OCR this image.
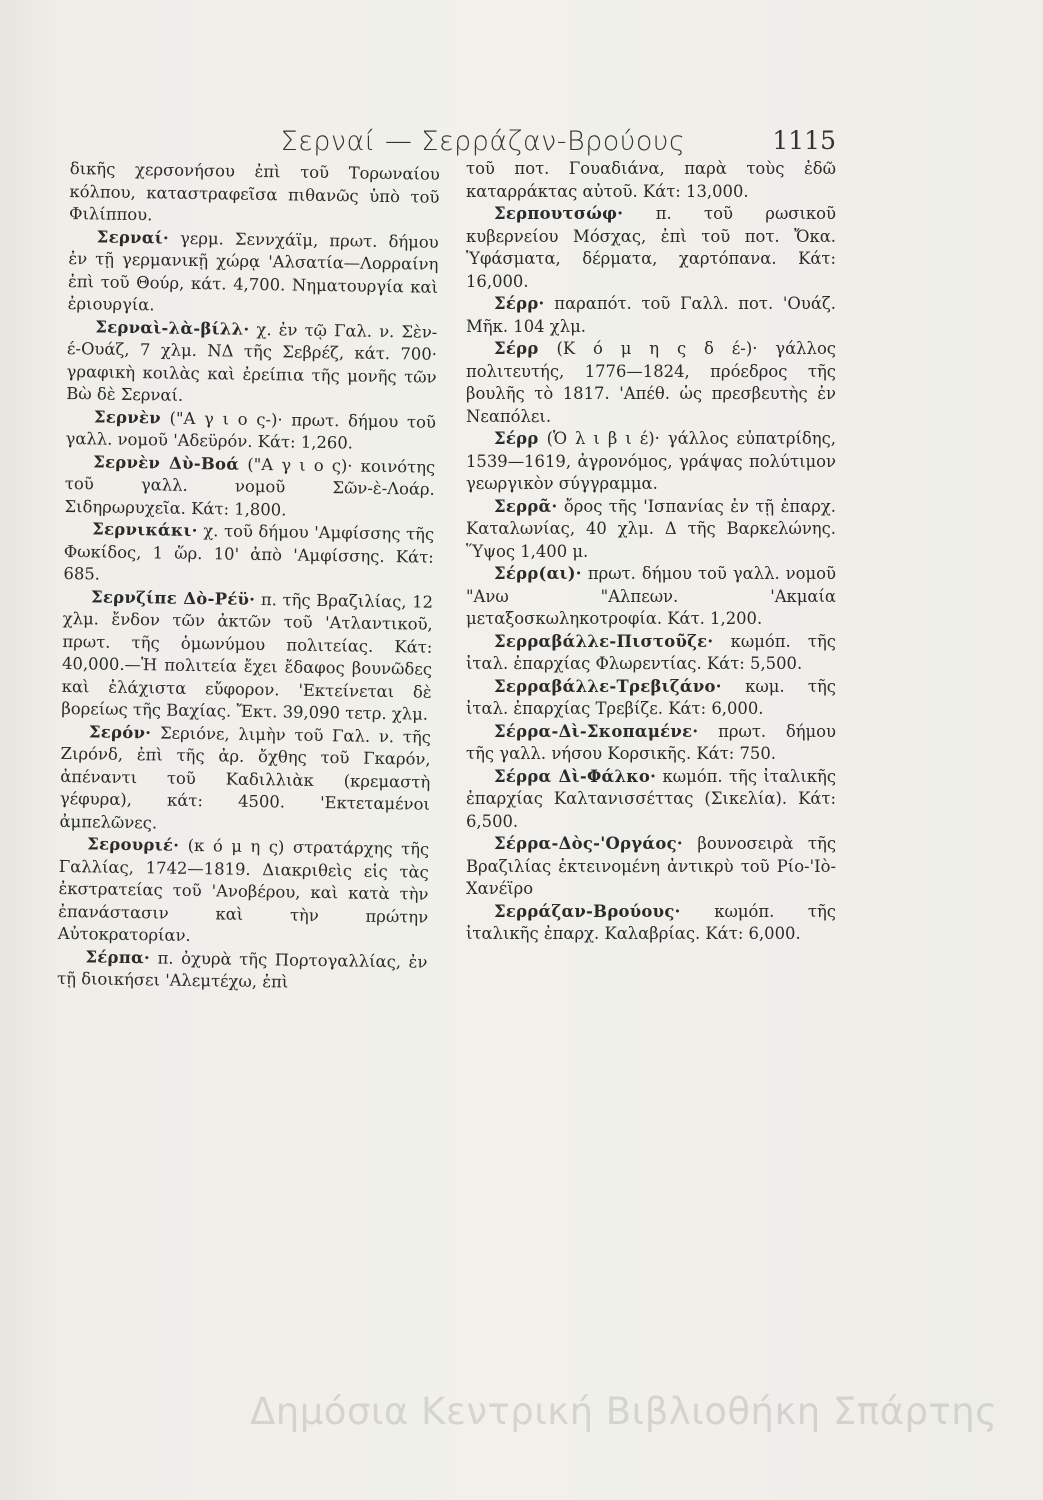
Σερναί — Σερράζαν-Βρούους	1115

δικῆς χερσονήσου ἐπὶ τοῦ Τορωναίου κόλπου, καταστραφεῖσα πιθανῶς ὑπὸ τοῦ Φιλίππου.

Σερναί· γερμ. Σεννχάϊμ, πρωτ. δήμου ἐν τῇ γερμανικῇ χώρᾳ 'Αλσατία—Λορραίνη ἐπὶ τοῦ Θούρ, κάτ. 4,700. Νηματουργία καὶ ἐριουργία.

Σερναὶ-λὰ-βίλλ· χ. ἐν τῷ Γαλ. ν. Σὲν-έ-Ουάζ, 7 χλμ. ΝΔ τῆς Σεβρέζ, κάτ. 700· γραφικὴ κοιλὰς καὶ ἐρείπια τῆς μονῆς τῶν Βὼ δὲ Σερναί.

Σερνὲν ("Α γ ι ο ς-)· πρωτ. δήμου τοῦ γαλλ. νομοῦ 'Αδεϋρόν. Κάτ: 1,260.

Σερνὲν Δὺ-Βοά ("Α γ ι ο ς)· κοινότης τοῦ γαλλ. νομοῦ Σῶν-ὲ-Λοάρ. Σιδηρωρυχεῖα. Κάτ: 1,800.

Σερνικάκι· χ. τοῦ δήμου 'Αμφίσσης τῆς Φωκίδος, 1 ὥρ. 10' ἀπὸ 'Αμφίσσης. Κάτ: 685.

Σερνζίπε Δὸ-Ρέϋ· π. τῆς Βραζιλίας, 12 χλμ. ἔνδον τῶν ἀκτῶν τοῦ 'Ατλαντικοῦ, πρωτ. τῆς ὁμωνύμου πολιτείας. Κάτ: 40,000.—Ἡ πολιτεία ἔχει ἔδαφος βουνῶδες καὶ ἐλάχιστα εὔφορον. 'Εκτείνεται δὲ βορείως τῆς Βαχίας. Ἔκτ. 39,090 τετρ. χλμ.

Σερόν· Σεριόνε, λιμὴν τοῦ Γαλ. ν. τῆς Ζιρόνδ, ἐπὶ τῆς ἀρ. ὄχθης τοῦ Γκαρόν, ἀπέναντι τοῦ Καδιλλιὰκ (κρεμαστὴ γέφυρα), κάτ: 4500. 'Εκτεταμένοι ἀμπελῶνες.

Σερουριέ· (κ ό μ η ς) στρατάρχης τῆς Γαλλίας, 1742—1819. Διακριθεὶς εἰς τὰς ἐκστρατείας τοῦ 'Ανοβέρου, καὶ κατὰ τὴν ἐπανάστασιν καὶ τὴν πρώτην Αὐτοκρατορίαν.

Σέρπα· π. ὀχυρὰ τῆς Πορτογαλλίας, ἐν τῇ διοικήσει 'Αλεμτέχω, ἐπὶ

τοῦ ποτ. Γουαδιάνα, παρὰ τοὺς ἐδῶ καταρράκτας αὐτοῦ. Κάτ: 13,000.

Σερπουτσώφ· π. τοῦ ρωσικοῦ κυβερνείου Μόσχας, ἐπὶ τοῦ ποτ. Ὄκα. Ὑφάσματα, δέρματα, χαρτόπανα. Κάτ: 16,000.

Σέρρ· παραπότ. τοῦ Γαλλ. ποτ. 'Ουάζ. Μῆκ. 104 χλμ.

Σέρρ (Κ ό μ η ς δ έ-)· γάλλος πολιτευτής, 1776—1824, πρόεδρος τῆς βουλῆς τὸ 1817. 'Απέθ. ὡς πρεσβευτὴς ἐν Νεαπόλει.

Σέρρ (Ὁ λ ι β ι έ)· γάλλος εὐπατρίδης, 1539—1619, ἀγρονόμος, γράψας πολύτιμον γεωργικὸν σύγγραμμα.

Σερρᾶ· ὄρος τῆς 'Ισπανίας ἐν τῇ ἐπαρχ. Καταλωνίας, 40 χλμ. Δ τῆς Βαρκελώνης. Ὕψος 1,400 μ.

Σέρρ(αι)· πρωτ. δήμου τοῦ γαλλ. νομοῦ "Ανω "Αλπεων. 'Ακμαία μεταξοσκωληκοτροφία. Κάτ. 1,200.

Σερραβάλλε-Πιστοῦζε· κωμόπ. τῆς ἰταλ. ἐπαρχίας Φλωρεντίας. Κάτ: 5,500.

Σερραβάλλε-Τρεβιζάνο· κωμ. τῆς ἰταλ. ἐπαρχίας Τρεβίζε. Κάτ: 6,000.

Σέρρα-Δὶ-Σκοπαμένε· πρωτ. δήμου τῆς γαλλ. νήσου Κορσικῆς. Κάτ: 750.

Σέρρα Δὶ-Φάλκο· κωμόπ. τῆς ἰταλικῆς ἐπαρχίας Καλτανισσέττας (Σικελία). Κάτ: 6,500.

Σέρρα-Δὸς-'Οργάος· βουνοσειρὰ τῆς Βραζιλίας ἐκτεινομένη ἀντικρὺ τοῦ Ρίο-'Ιὸ-Χανέϊρο

Σερράζαν-Βρούους· κωμόπ. τῆς ἰταλικῆς ἐπαρχ. Καλαβρίας. Κάτ: 6,000.

Δημόσια Κεντρική Βιβλιοθήκη Σπάρτης
